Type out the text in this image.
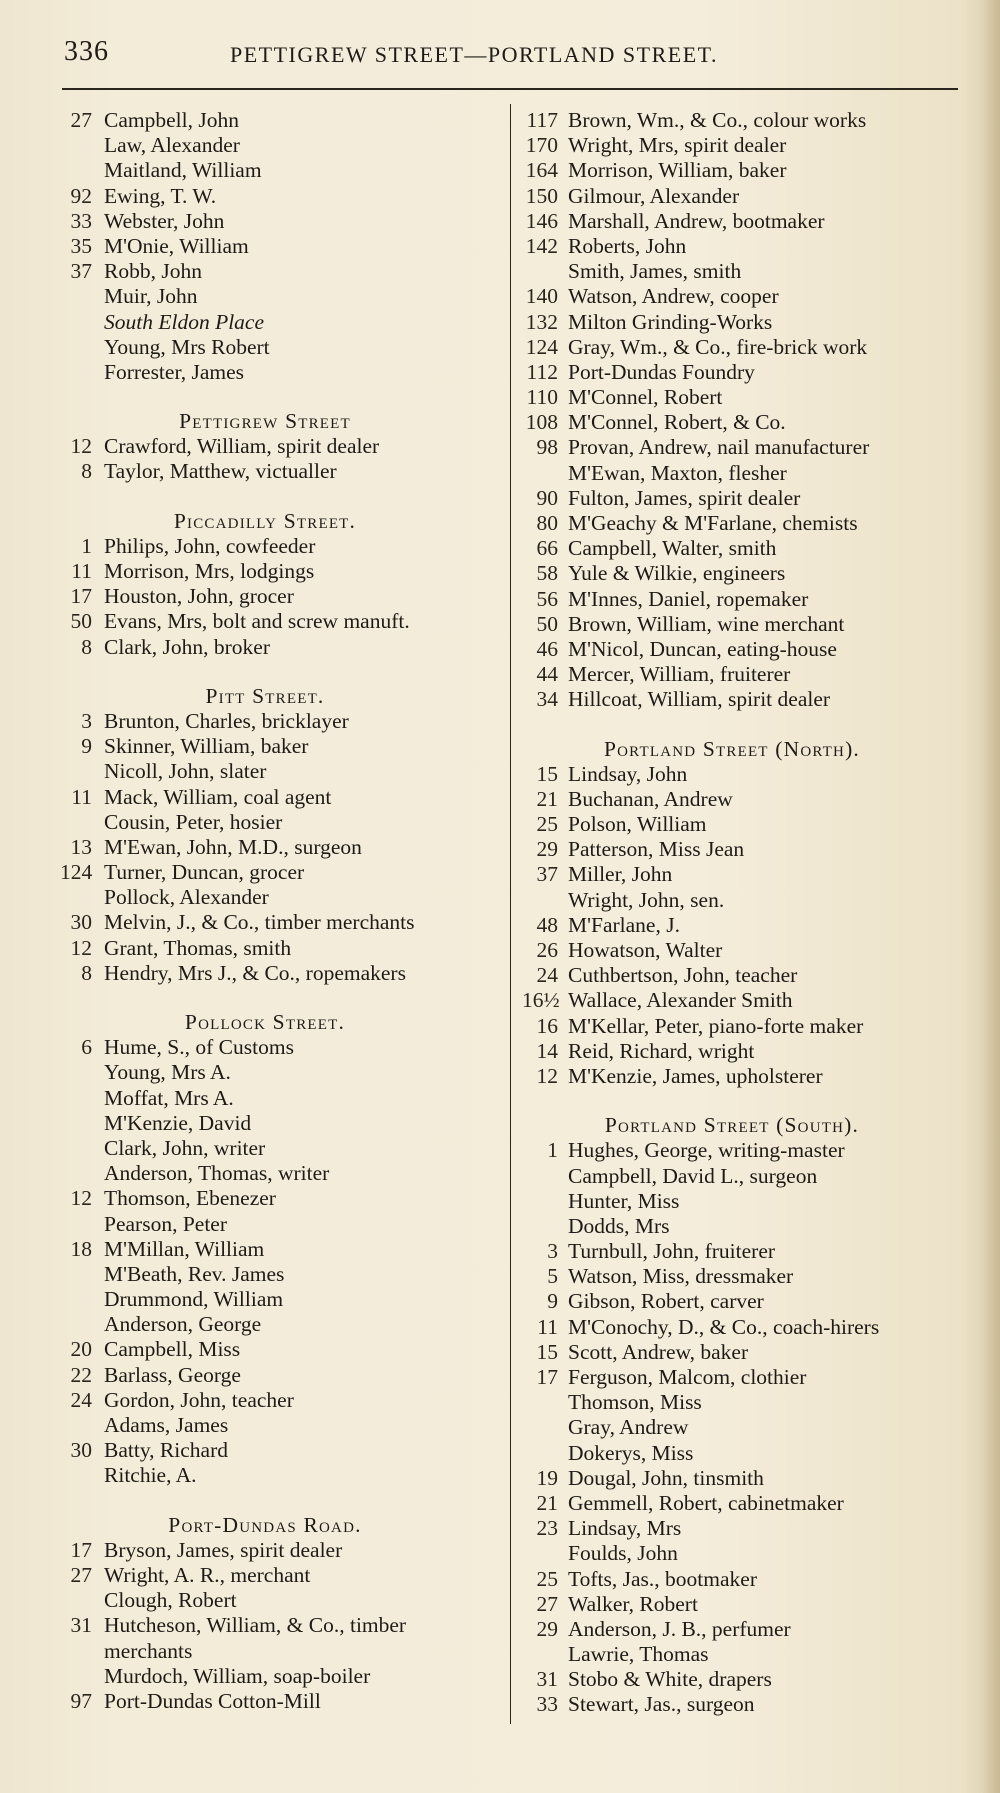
336	PETTIGREW STREET—PORTLAND STREET.
27 Campbell, John
Law, Alexander
Maitland, William
92 Ewing, T. W.
33 Webster, John
35 M'Onie, William
37 Robb, John
Muir, John
South Eldon Place
Young, Mrs Robert
Forrester, James
Pettigrew Street
12 Crawford, William, spirit dealer
8 Taylor, Matthew, victualler
Piccadilly Street.
1 Philips, John, cowfeeder
11 Morrison, Mrs, lodgings
17 Houston, John, grocer
50 Evans, Mrs, bolt and screw manuft.
8 Clark, John, broker
Pitt Street.
3 Brunton, Charles, bricklayer
9 Skinner, William, baker
Nicoll, John, slater
11 Mack, William, coal agent
Cousin, Peter, hosier
13 M'Ewan, John, M.D., surgeon
124 Turner, Duncan, grocer
Pollock, Alexander
30 Melvin, J., & Co., timber merchants
12 Grant, Thomas, smith
8 Hendry, Mrs J., & Co., ropemakers
Pollock Street.
6 Hume, S., of Customs
Young, Mrs A.
Moffat, Mrs A.
M'Kenzie, David
Clark, John, writer
Anderson, Thomas, writer
12 Thomson, Ebenezer
Pearson, Peter
18 M'Millan, William
M'Beath, Rev. James
Drummond, William
Anderson, George
20 Campbell, Miss
22 Barlass, George
24 Gordon, John, teacher
Adams, James
30 Batty, Richard
Ritchie, A.
Port-Dundas Road.
17 Bryson, James, spirit dealer
27 Wright, A. R., merchant
Clough, Robert
31 Hutcheson, William, & Co., timber
merchants
Murdoch, William, soap-boiler
97 Port-Dundas Cotton-Mill
117 Brown, Wm., & Co., colour works
170 Wright, Mrs, spirit dealer
164 Morrison, William, baker
150 Gilmour, Alexander
146 Marshall, Andrew, bootmaker
142 Roberts, John
Smith, James, smith
140 Watson, Andrew, cooper
132 Milton Grinding-Works
124 Gray, Wm., & Co., fire-brick work
112 Port-Dundas Foundry
110 M'Connel, Robert
108 M'Connel, Robert, & Co.
98 Provan, Andrew, nail manufacturer
M'Ewan, Maxton, flesher
90 Fulton, James, spirit dealer
80 M'Geachy & M'Farlane, chemists
66 Campbell, Walter, smith
58 Yule & Wilkie, engineers
56 M'Innes, Daniel, ropemaker
50 Brown, William, wine merchant
46 M'Nicol, Duncan, eating-house
44 Mercer, William, fruiterer
34 Hillcoat, William, spirit dealer
Portland Street (North).
15 Lindsay, John
21 Buchanan, Andrew
25 Polson, William
29 Patterson, Miss Jean
37 Miller, John
Wright, John, sen.
48 M'Farlane, J.
26 Howatson, Walter
24 Cuthbertson, John, teacher
16½ Wallace, Alexander Smith
16 M'Kellar, Peter, piano-forte maker
14 Reid, Richard, wright
12 M'Kenzie, James, upholsterer
Portland Street (South).
1 Hughes, George, writing-master
Campbell, David L., surgeon
Hunter, Miss
Dodds, Mrs
3 Turnbull, John, fruiterer
5 Watson, Miss, dressmaker
9 Gibson, Robert, carver
11 M'Conochy, D., & Co., coach-hirers
15 Scott, Andrew, baker
17 Ferguson, Malcom, clothier
Thomson, Miss
Gray, Andrew
Dokerys, Miss
19 Dougal, John, tinsmith
21 Gemmell, Robert, cabinetmaker
23 Lindsay, Mrs
Foulds, John
25 Tofts, Jas., bootmaker
27 Walker, Robert
29 Anderson, J. B., perfumer
Lawrie, Thomas
31 Stobo & White, drapers
33 Stewart, Jas., surgeon
